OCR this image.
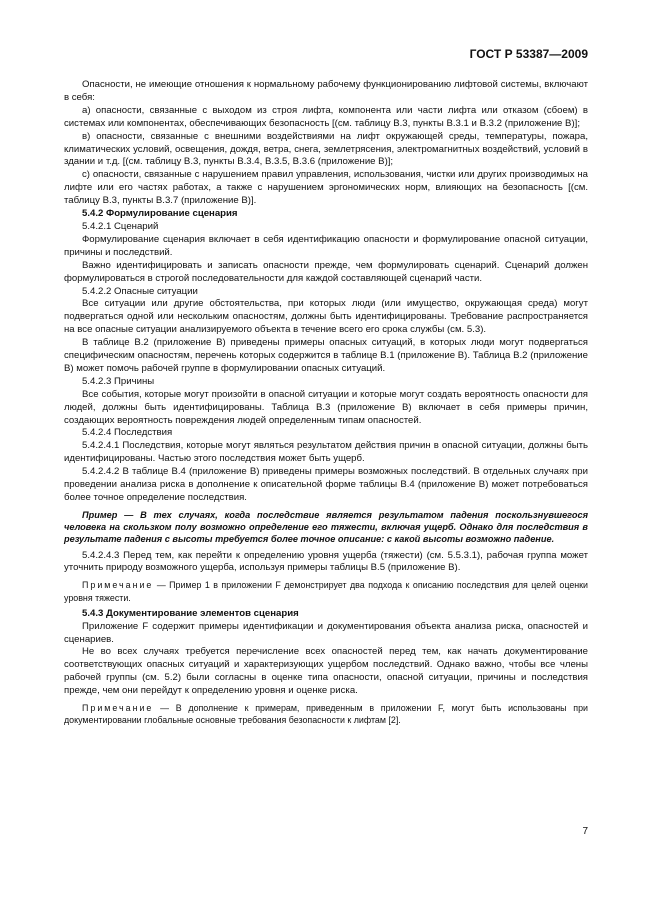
ГОСТ Р 53387—2009

Опасности, не имеющие отношения к нормальному рабочему функционированию лифтовой системы, включают в себя:

а) опасности, связанные с выходом из строя лифта, компонента или части лифта или отказом (сбоем) в системах или компонентах, обеспечивающих безопасность [(см. таблицу В.3, пункты В.3.1 и В.3.2 (приложение В)];

в) опасности, связанные с внешними воздействиями на лифт окружающей среды, температуры, пожара, климатических условий, освещения, дождя, ветра, снега, землетрясения, электромагнитных воздействий, условий в здании и т.д. [(см. таблицу В.3, пункты В.3.4, В.3.5, В.3.6 (приложение В)];

с) опасности, связанные с нарушением правил управления, использования, чистки или других производимых на лифте или его частях работах, а также с нарушением эргономических норм, влияющих на безопасность [(см. таблицу В.3, пункты В.3.7 (приложение В)].

5.4.2 Формулирование сценария

5.4.2.1 Сценарий

Формулирование сценария включает в себя идентификацию опасности и формулирование опасной ситуации, причины и последствий.

Важно идентифицировать и записать опасности прежде, чем формулировать сценарий. Сценарий должен формулироваться в строгой последовательности для каждой составляющей сценарий части.

5.4.2.2 Опасные ситуации

Все ситуации или другие обстоятельства, при которых люди (или имущество, окружающая среда) могут подвергаться одной или нескольким опасностям, должны быть идентифицированы. Требование распространяется на все опасные ситуации анализируемого объекта в течение всего его срока службы (см. 5.3).

В таблице В.2 (приложение В) приведены примеры опасных ситуаций, в которых люди могут подвергаться специфическим опасностям, перечень которых содержится в таблице В.1 (приложение В). Таблица В.2 (приложение В) может помочь рабочей группе в формулировании опасных ситуаций.

5.4.2.3 Причины

Все события, которые могут произойти в опасной ситуации и которые могут создать вероятность опасности для людей, должны быть идентифицированы. Таблица В.3 (приложение В) включает в себя примеры причин, создающих вероятность повреждения людей определенным типам опасностей.

5.4.2.4 Последствия

5.4.2.4.1 Последствия, которые могут являться результатом действия причин в опасной ситуации, должны быть идентифицированы. Частью этого последствия может быть ущерб.

5.4.2.4.2 В таблице В.4 (приложение В) приведены примеры возможных последствий. В отдельных случаях при проведении анализа риска в дополнение к описательной форме таблицы В.4 (приложение В) может потребоваться более точное определение последствия.

Пример — В тех случаях, когда последствие является результатом падения поскользнувшегося человека на скользком полу возможно определение его тяжести, включая ущерб. Однако для последствия в результате падения с высоты требуется более точное описание: с какой высоты возможно падение.

5.4.2.4.3 Перед тем, как перейти к определению уровня ущерба (тяжести) (см. 5.5.3.1), рабочая группа может уточнить природу возможного ущерба, используя примеры таблицы В.5 (приложение В).

Примечание — Пример 1 в приложении F демонстрирует два подхода к описанию последствия для целей оценки уровня тяжести.

5.4.3 Документирование элементов сценария

Приложение F содержит примеры идентификации и документирования объекта анализа риска, опасностей и сценариев.

Не во всех случаях требуется перечисление всех опасностей перед тем, как начать документирование соответствующих опасных ситуаций и характеризующих ущербом последствий. Однако важно, чтобы все члены рабочей группы (см. 5.2) были согласны в оценке типа опасности, опасной ситуации, причины и последствия прежде, чем они перейдут к определению уровня и оценке риска.

Примечание — В дополнение к примерам, приведенным в приложении F, могут быть использованы при документировании глобальные основные требования безопасности к лифтам [2].

7
